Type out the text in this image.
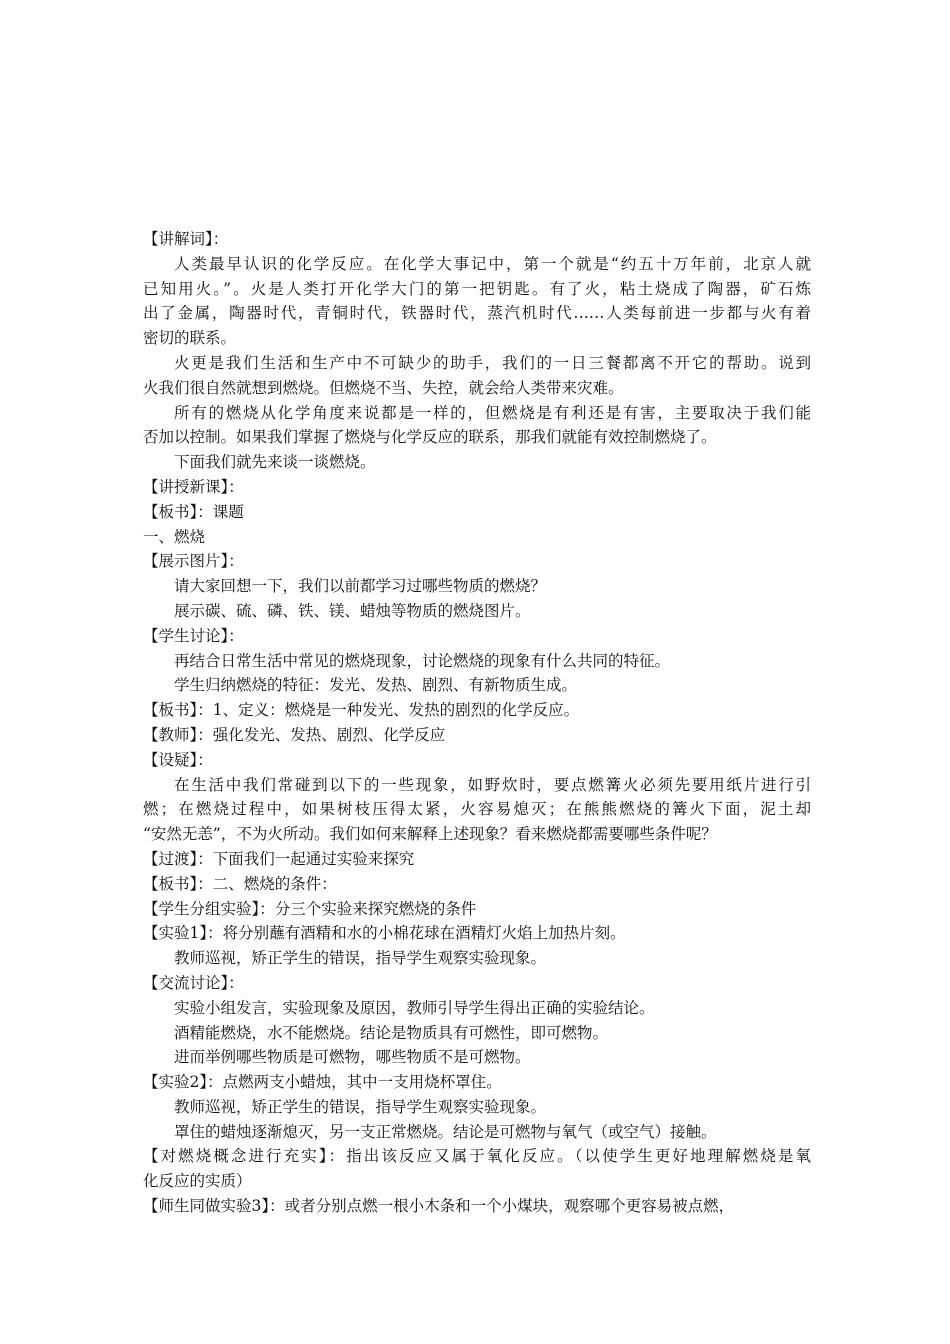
【讲解词】：
人类最早认识的化学反应。在化学大事记中，第一个就是“约五十万年前，北京人就
已知用火。”。火是人类打开化学大门的第一把钥匙。有了火，粘土烧成了陶器，矿石炼
出了金属，陶器时代，青铜时代，铁器时代，蒸汽机时代……人类每前进一步都与火有着
密切的联系。
火更是我们生活和生产中不可缺少的助手，我们的一日三餐都离不开它的帮助。说到
火我们很自然就想到燃烧。但燃烧不当、失控，就会给人类带来灾难。
所有的燃烧从化学角度来说都是一样的，但燃烧是有利还是有害，主要取决于我们能
否加以控制。如果我们掌握了燃烧与化学反应的联系，那我们就能有效控制燃烧了。
下面我们就先来谈一谈燃烧。
【讲授新课】：
【板书】：课题
一、燃烧
【展示图片】：
请大家回想一下，我们以前都学习过哪些物质的燃烧？
展示碳、硫、磷、铁、镁、蜡烛等物质的燃烧图片。
【学生讨论】：
再结合日常生活中常见的燃烧现象，讨论燃烧的现象有什么共同的特征。
学生归纳燃烧的特征：发光、发热、剧烈、有新物质生成。
【板书】：1、定义：燃烧是一种发光、发热的剧烈的化学反应。
【教师】：强化发光、发热、剧烈、化学反应
【设疑】：
在生活中我们常碰到以下的一些现象，如野炊时，要点燃篝火必须先要用纸片进行引
燃；在燃烧过程中，如果树枝压得太紧，火容易熄灭；在熊熊燃烧的篝火下面，泥土却
“安然无恙”，不为火所动。我们如何来解释上述现象？看来燃烧都需要哪些条件呢？
【过渡】：下面我们一起通过实验来探究
【板书】：二、燃烧的条件：
【学生分组实验】：分三个实验来探究燃烧的条件
【实验1】：将分别蘸有酒精和水的小棉花球在酒精灯火焰上加热片刻。
教师巡视，矫正学生的错误，指导学生观察实验现象。
【交流讨论】：
实验小组发言，实验现象及原因，教师引导学生得出正确的实验结论。
酒精能燃烧，水不能燃烧。结论是物质具有可燃性，即可燃物。
进而举例哪些物质是可燃物，哪些物质不是可燃物。
【实验2】：点燃两支小蜡烛，其中一支用烧杯罩住。
教师巡视，矫正学生的错误，指导学生观察实验现象。
罩住的蜡烛逐渐熄灭，另一支正常燃烧。结论是可燃物与氧气（或空气）接触。
【对燃烧概念进行充实】：指出该反应又属于氧化反应。（以使学生更好地理解燃烧是氧
化反应的实质）
【师生同做实验3】：或者分别点燃一根小木条和一个小煤块，观察哪个更容易被点燃，
